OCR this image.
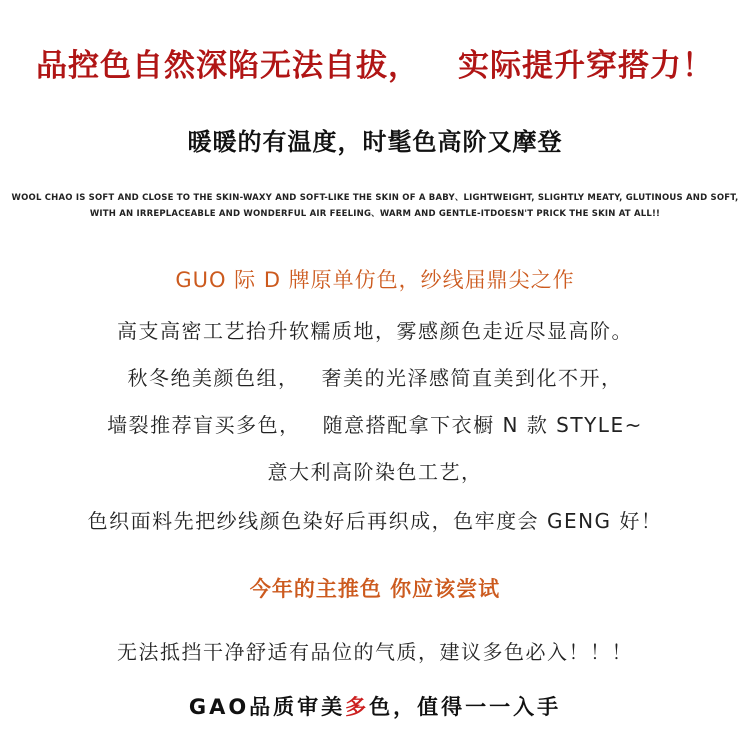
品控色自然深陷无法自拔， 实际提升穿搭力！
暖暖的有温度，时髦色高阶又摩登
WOOL CHAO IS SOFT AND CLOSE TO THE SKIN-WAXY AND SOFT-LIKE THE SKIN OF A BABY、LIGHTWEIGHT, SLIGHTLY MEATY, GLUTINOUS AND SOFT,
WITH AN IRREPLACEABLE AND WONDERFUL AIR FEELING、WARM AND GENTLE-ITDOESN'T PRICK THE SKIN AT ALL!!
GUO 际 D 牌原单仿色，纱线届鼎尖之作
高支高密工艺抬升软糯质地，雾感颜色走近尽显高阶。
秋冬绝美颜色组， 奢美的光泽感简直美到化不开，
墙裂推荐盲买多色， 随意搭配拿下衣橱 N 款 STYLE~
意大利高阶染色工艺，
色织面料先把纱线颜色染好后再织成，色牢度会 GENG 好！
今年的主推色 你应该尝试
无法抵挡干净舒适有品位的气质，建议多色必入！！！
GAO品质审美多色，值得一一入手
